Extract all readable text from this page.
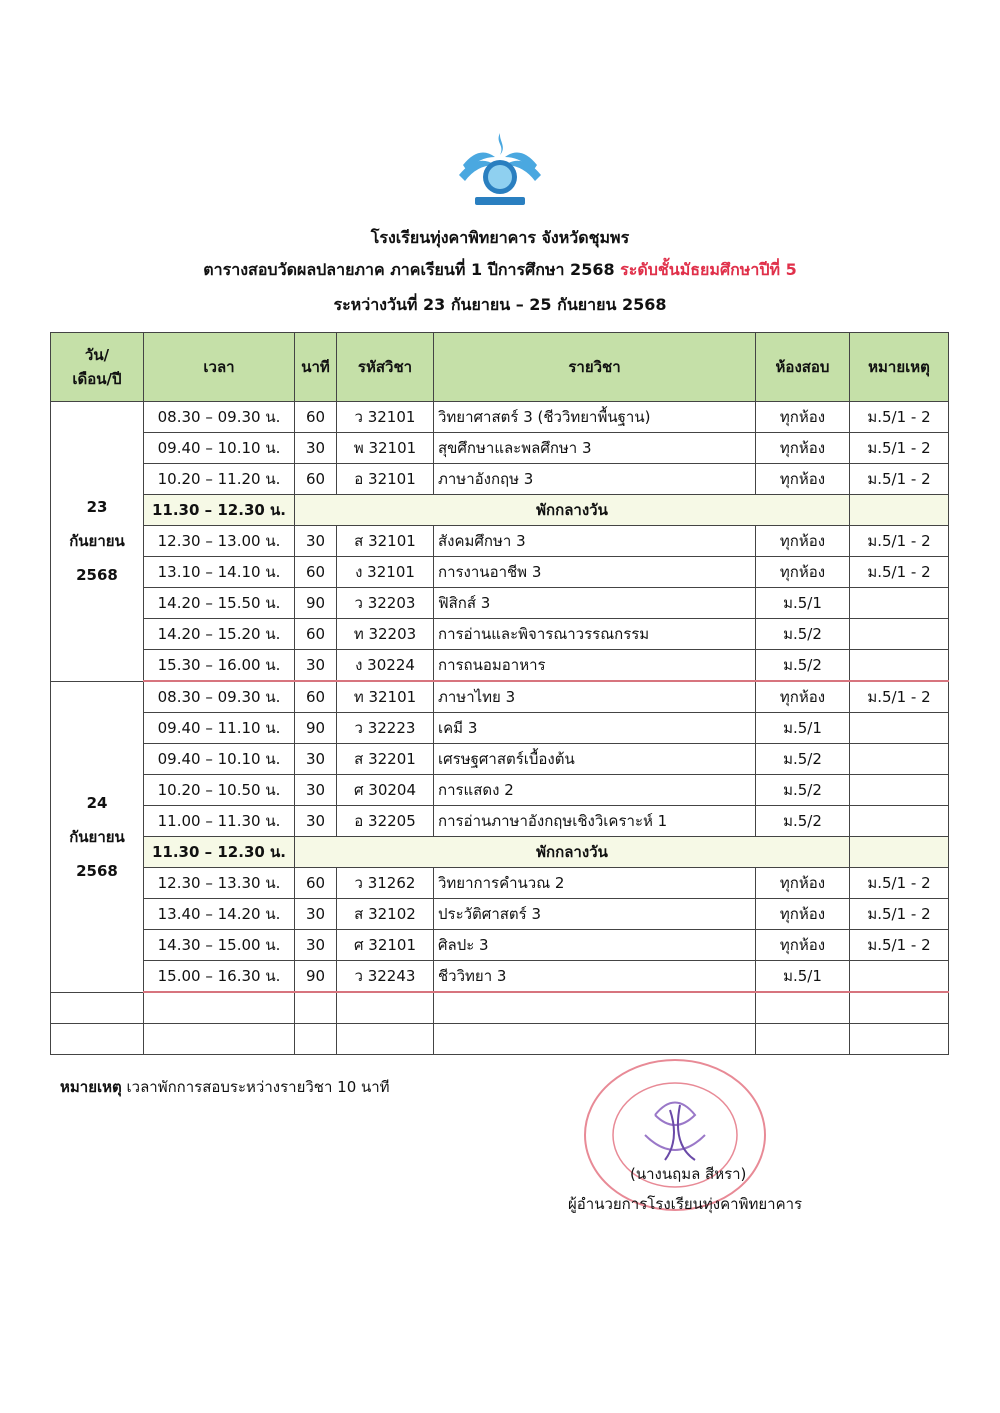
โรงเรียนทุ่งคาพิทยาคาร จังหวัดชุมพร
ตารางสอบวัดผลปลายภาค ภาคเรียนที่ 1 ปีการศึกษา 2568 ระดับชั้นมัธยมศึกษาปีที่ 5
ระหว่างวันที่ 23 กันยายน – 25 กันยายน 2568
วัน/
เดือน/ปี	เวลา	นาที	รหัสวิชา	รายวิชา	ห้องสอบ	หมายเหตุ
23
กันยายน
2568	08.30 – 09.30 น.	60	ว 32101	วิทยาศาสตร์ 3 (ชีววิทยาพื้นฐาน)	ทุกห้อง	ม.5/1 - 2
	09.40 – 10.10 น.	30	พ 32101	สุขศึกษาและพลศึกษา 3	ทุกห้อง	ม.5/1 - 2
	10.20 – 11.20 น.	60	อ 32101	ภาษาอังกฤษ 3	ทุกห้อง	ม.5/1 - 2
	11.30 – 12.30 น.	พักกลางวัน				
	12.30 – 13.00 น.	30	ส 32101	สังคมศึกษา 3	ทุกห้อง	ม.5/1 - 2
	13.10 – 14.10 น.	60	ง 32101	การงานอาชีพ 3	ทุกห้อง	ม.5/1 - 2
	14.20 – 15.50 น.	90	ว 32203	ฟิสิกส์ 3	ม.5/1	
	14.20 – 15.20 น.	60	ท 32203	การอ่านและพิจารณาวรรณกรรม	ม.5/2	
	15.30 – 16.00 น.	30	ง 30224	การถนอมอาหาร	ม.5/2	
24
กันยายน
2568	08.30 – 09.30 น.	60	ท 32101	ภาษาไทย 3	ทุกห้อง	ม.5/1 - 2
	09.40 – 11.10 น.	90	ว 32223	เคมี 3	ม.5/1	
	09.40 – 10.10 น.	30	ส 32201	เศรษฐศาสตร์เบื้องต้น	ม.5/2	
	10.20 – 10.50 น.	30	ศ 30204	การแสดง 2	ม.5/2	
	11.00 – 11.30 น.	30	อ 32205	การอ่านภาษาอังกฤษเชิงวิเคราะห์ 1	ม.5/2	
	11.30 – 12.30 น.	พักกลางวัน				
	12.30 – 13.30 น.	60	ว 31262	วิทยาการคำนวณ 2	ทุกห้อง	ม.5/1 - 2
	13.40 – 14.20 น.	30	ส 32102	ประวัติศาสตร์ 3	ทุกห้อง	ม.5/1 - 2
	14.30 – 15.00 น.	30	ศ 32101	ศิลปะ 3	ทุกห้อง	ม.5/1 - 2
	15.00 – 16.30 น.	90	ว 32243	ชีววิทยา 3	ม.5/1	

หมายเหตุ เวลาพักการสอบระหว่างรายวิชา 10 นาที
(นางนฤมล สีหรา)
ผู้อำนวยการโรงเรียนทุ่งคาพิทยาคาร
